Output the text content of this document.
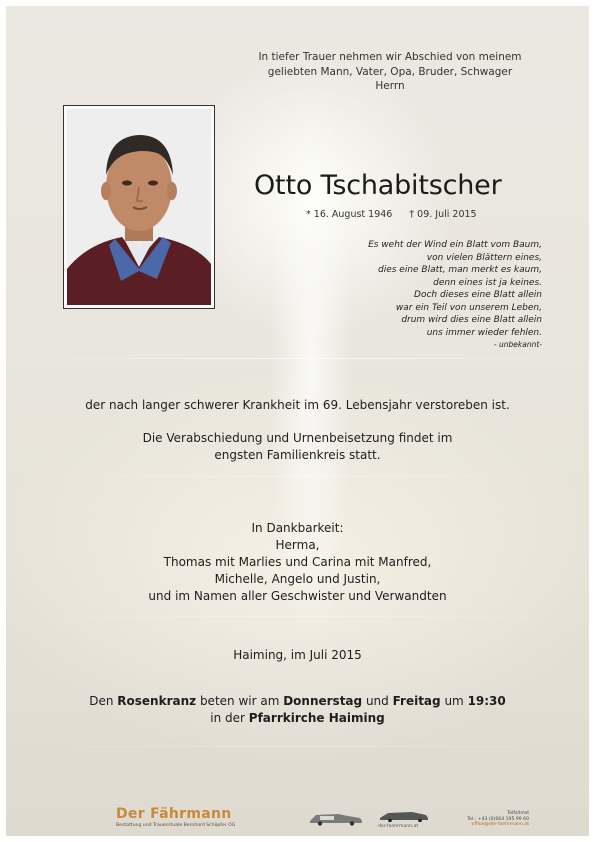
In tiefer Trauer nehmen wir Abschied von meinem
geliebten Mann, Vater, Opa, Bruder, Schwager
Herrn
Otto Tschabitscher
* 16. August 1946 † 09. Juli 2015
Es weht der Wind ein Blatt vom Baum,
von vielen Blättern eines,
dies eine Blatt, man merkt es kaum,
denn eines ist ja keines.
Doch dieses eine Blatt allein
war ein Teil von unserem Leben,
drum wird dies eine Blatt allein
uns immer wieder fehlen.
- unbekannt-
der nach langer schwerer Krankheit im 69. Lebensjahr verstoreben ist.
Die Verabschiedung und Urnenbeisetzung findet im
engsten Familienkreis statt.
In Dankbarkeit:
Herma,
Thomas mit Marlies und Carina mit Manfred,
Michelle, Angelo und Justin,
und im Namen aller Geschwister und Verwandten
Haiming, im Juli 2015
Den Rosenkranz beten wir am Donnerstag und Freitag um 19:30
in der Pfarrkirche Haiming
Der Fährmann
Bestattung und Trauerrituale Bernhard Schöpfer OG	der-faehrmann.at
Telfs/Imst
Tel.: +43 (0)664 195 99 60
office@der-faehrmann.at
